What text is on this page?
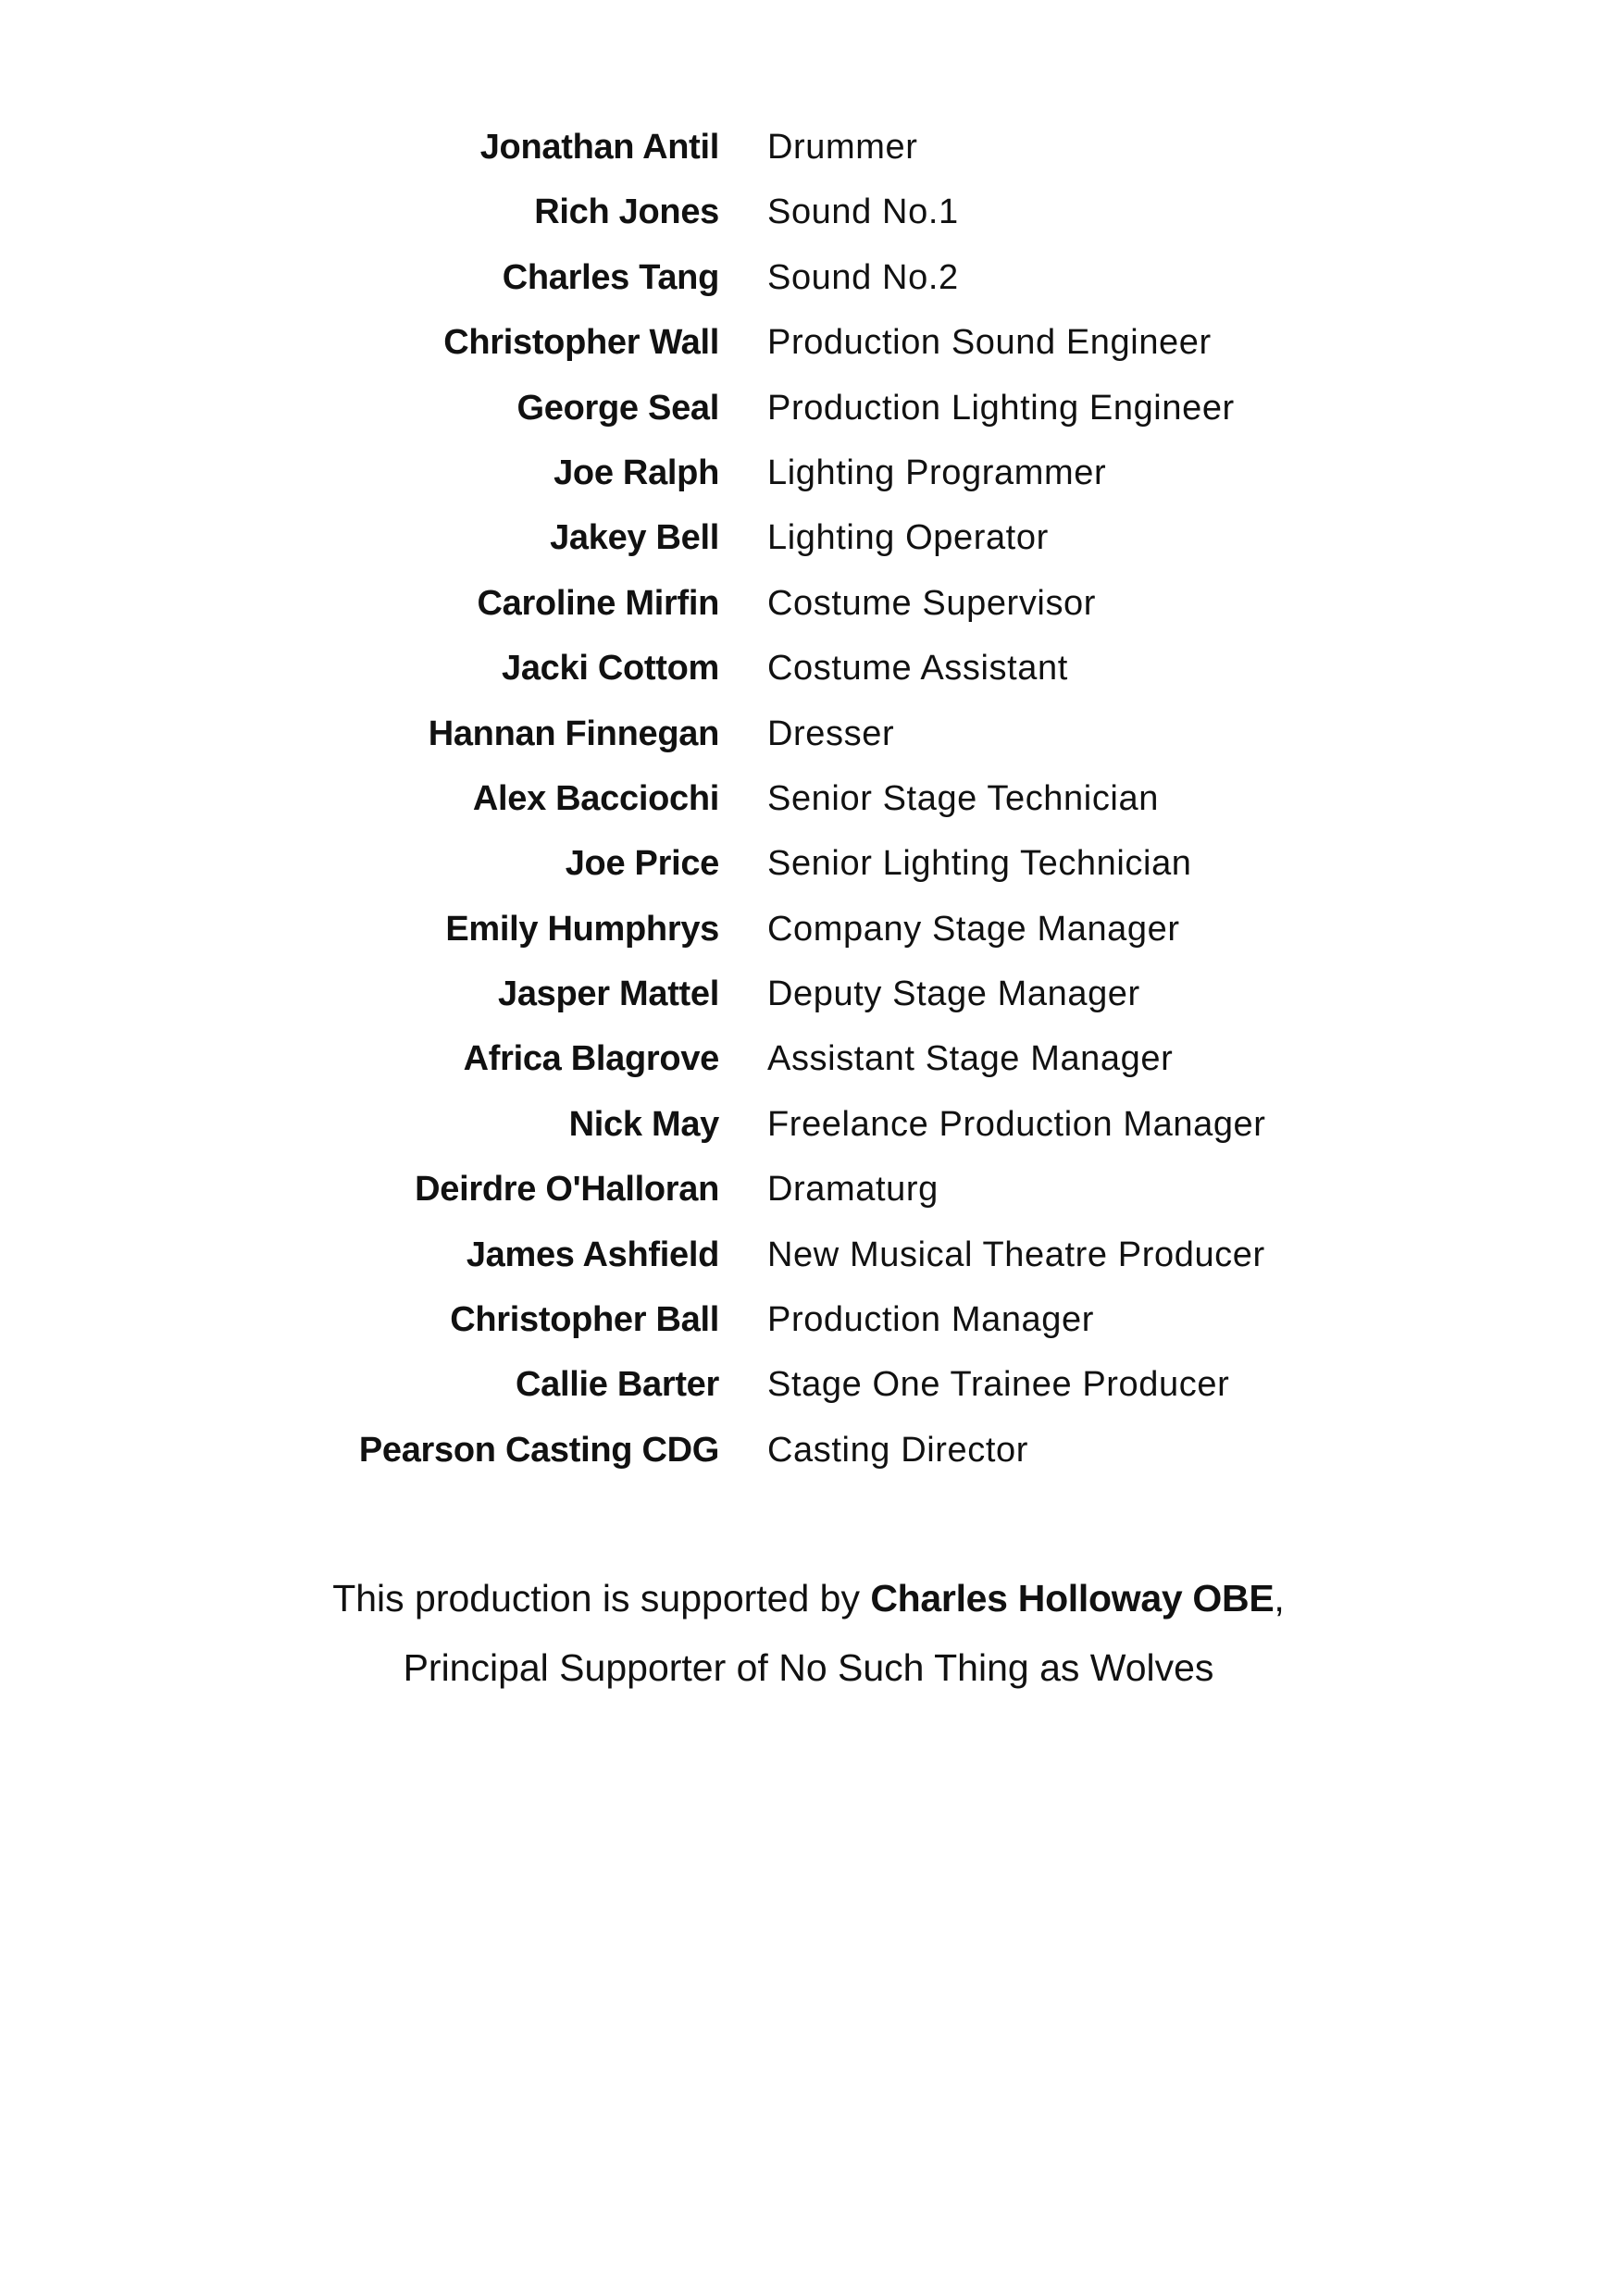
Jonathan Antil Drummer
Rich Jones Sound No.1
Charles Tang Sound No.2
Christopher Wall Production Sound Engineer
George Seal Production Lighting Engineer
Joe Ralph Lighting Programmer
Jakey Bell Lighting Operator
Caroline Mirfin Costume Supervisor
Jacki Cottom Costume Assistant
Hannan Finnegan Dresser
Alex Bacciochi Senior Stage Technician
Joe Price Senior Lighting Technician
Emily Humphrys Company Stage Manager
Jasper Mattel Deputy Stage Manager
Africa Blagrove Assistant Stage Manager
Nick May Freelance Production Manager
Deirdre O'Halloran Dramaturg
James Ashfield New Musical Theatre Producer
Christopher Ball Production Manager
Callie Barter Stage One Trainee Producer
Pearson Casting CDG Casting Director

This production is supported by Charles Holloway OBE,

Principal Supporter of No Such Thing as Wolves
